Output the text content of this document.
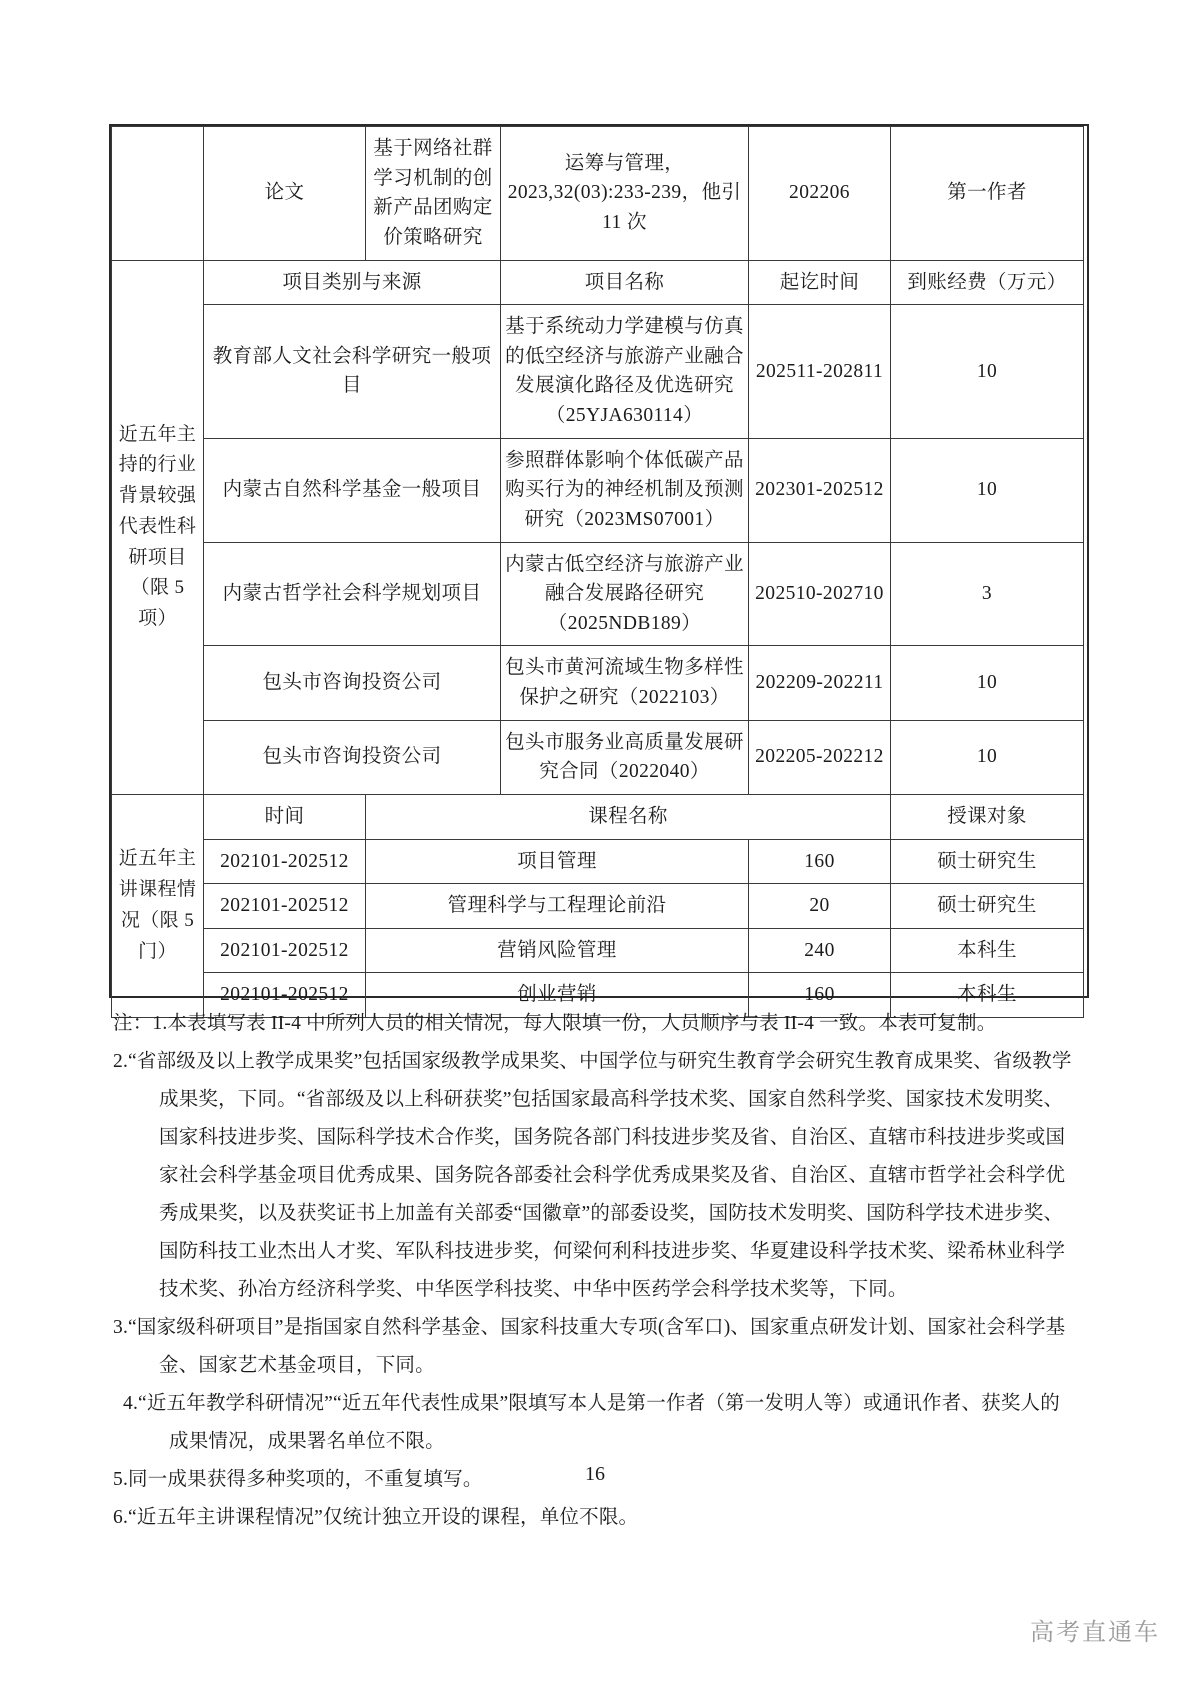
	论文	基于网络社群学习机制的创新产品团购定价策略研究	运筹与管理，2023,32(03):233-239，他引 11 次	202206	第一作者
近五年主持的行业背景较强代表性科研项目（限 5 项）	项目类别与来源		项目名称	起讫时间	到账经费（万元）
	教育部人文社会科学研究一般项目		基于系统动力学建模与仿真的低空经济与旅游产业融合发展演化路径及优选研究（25YJA630114）	202511-202811	10
	内蒙古自然科学基金一般项目		参照群体影响个体低碳产品购买行为的神经机制及预测研究（2023MS07001）	202301-202512	10
	内蒙古哲学社会科学规划项目		内蒙古低空经济与旅游产业融合发展路径研究（2025NDB189）	202510-202710	3
	包头市咨询投资公司		包头市黄河流域生物多样性保护之研究（2022103）	202209-202211	10
	包头市咨询投资公司		包头市服务业高质量发展研究合同（2022040）	202205-202212	10
近五年主讲课程情况（限 5 门）	时间	课程名称			授课对象
	202101-202512	项目管理		160	硕士研究生
	202101-202512	管理科学与工程理论前沿		20	硕士研究生
	202101-202512	营销风险管理		240	本科生
	202101-202512	创业营销		160	本科生
注：1.本表填写表 II-4 中所列人员的相关情况，每人限填一份，人员顺序与表 II-4 一致。本表可复制。
2.“省部级及以上教学成果奖”包括国家级教学成果奖、中国学位与研究生教育学会研究生教育成果奖、省级教学成果奖，下同。“省部级及以上科研获奖”包括国家最高科学技术奖、国家自然科学奖、国家技术发明奖、国家科技进步奖、国际科学技术合作奖，国务院各部门科技进步奖及省、自治区、直辖市科技进步奖或国家社会科学基金项目优秀成果、国务院各部委社会科学优秀成果奖及省、自治区、直辖市哲学社会科学优秀成果奖，以及获奖证书上加盖有关部委“国徽章”的部委设奖，国防技术发明奖、国防科学技术进步奖、国防科技工业杰出人才奖、军队科技进步奖，何梁何利科技进步奖、华夏建设科学技术奖、梁希林业科学技术奖、孙冶方经济科学奖、中华医学科技奖、中华中医药学会科学技术奖等，下同。
3.“国家级科研项目”是指国家自然科学基金、国家科技重大专项(含军口)、国家重点研发计划、国家社会科学基金、国家艺术基金项目，下同。
4.“近五年教学科研情况”“近五年代表性成果”限填写本人是第一作者（第一发明人等）或通讯作者、获奖人的成果情况，成果署名单位不限。
5.同一成果获得多种奖项的，不重复填写。
6.“近五年主讲课程情况”仅统计独立开设的课程，单位不限。
16
高考直通车
